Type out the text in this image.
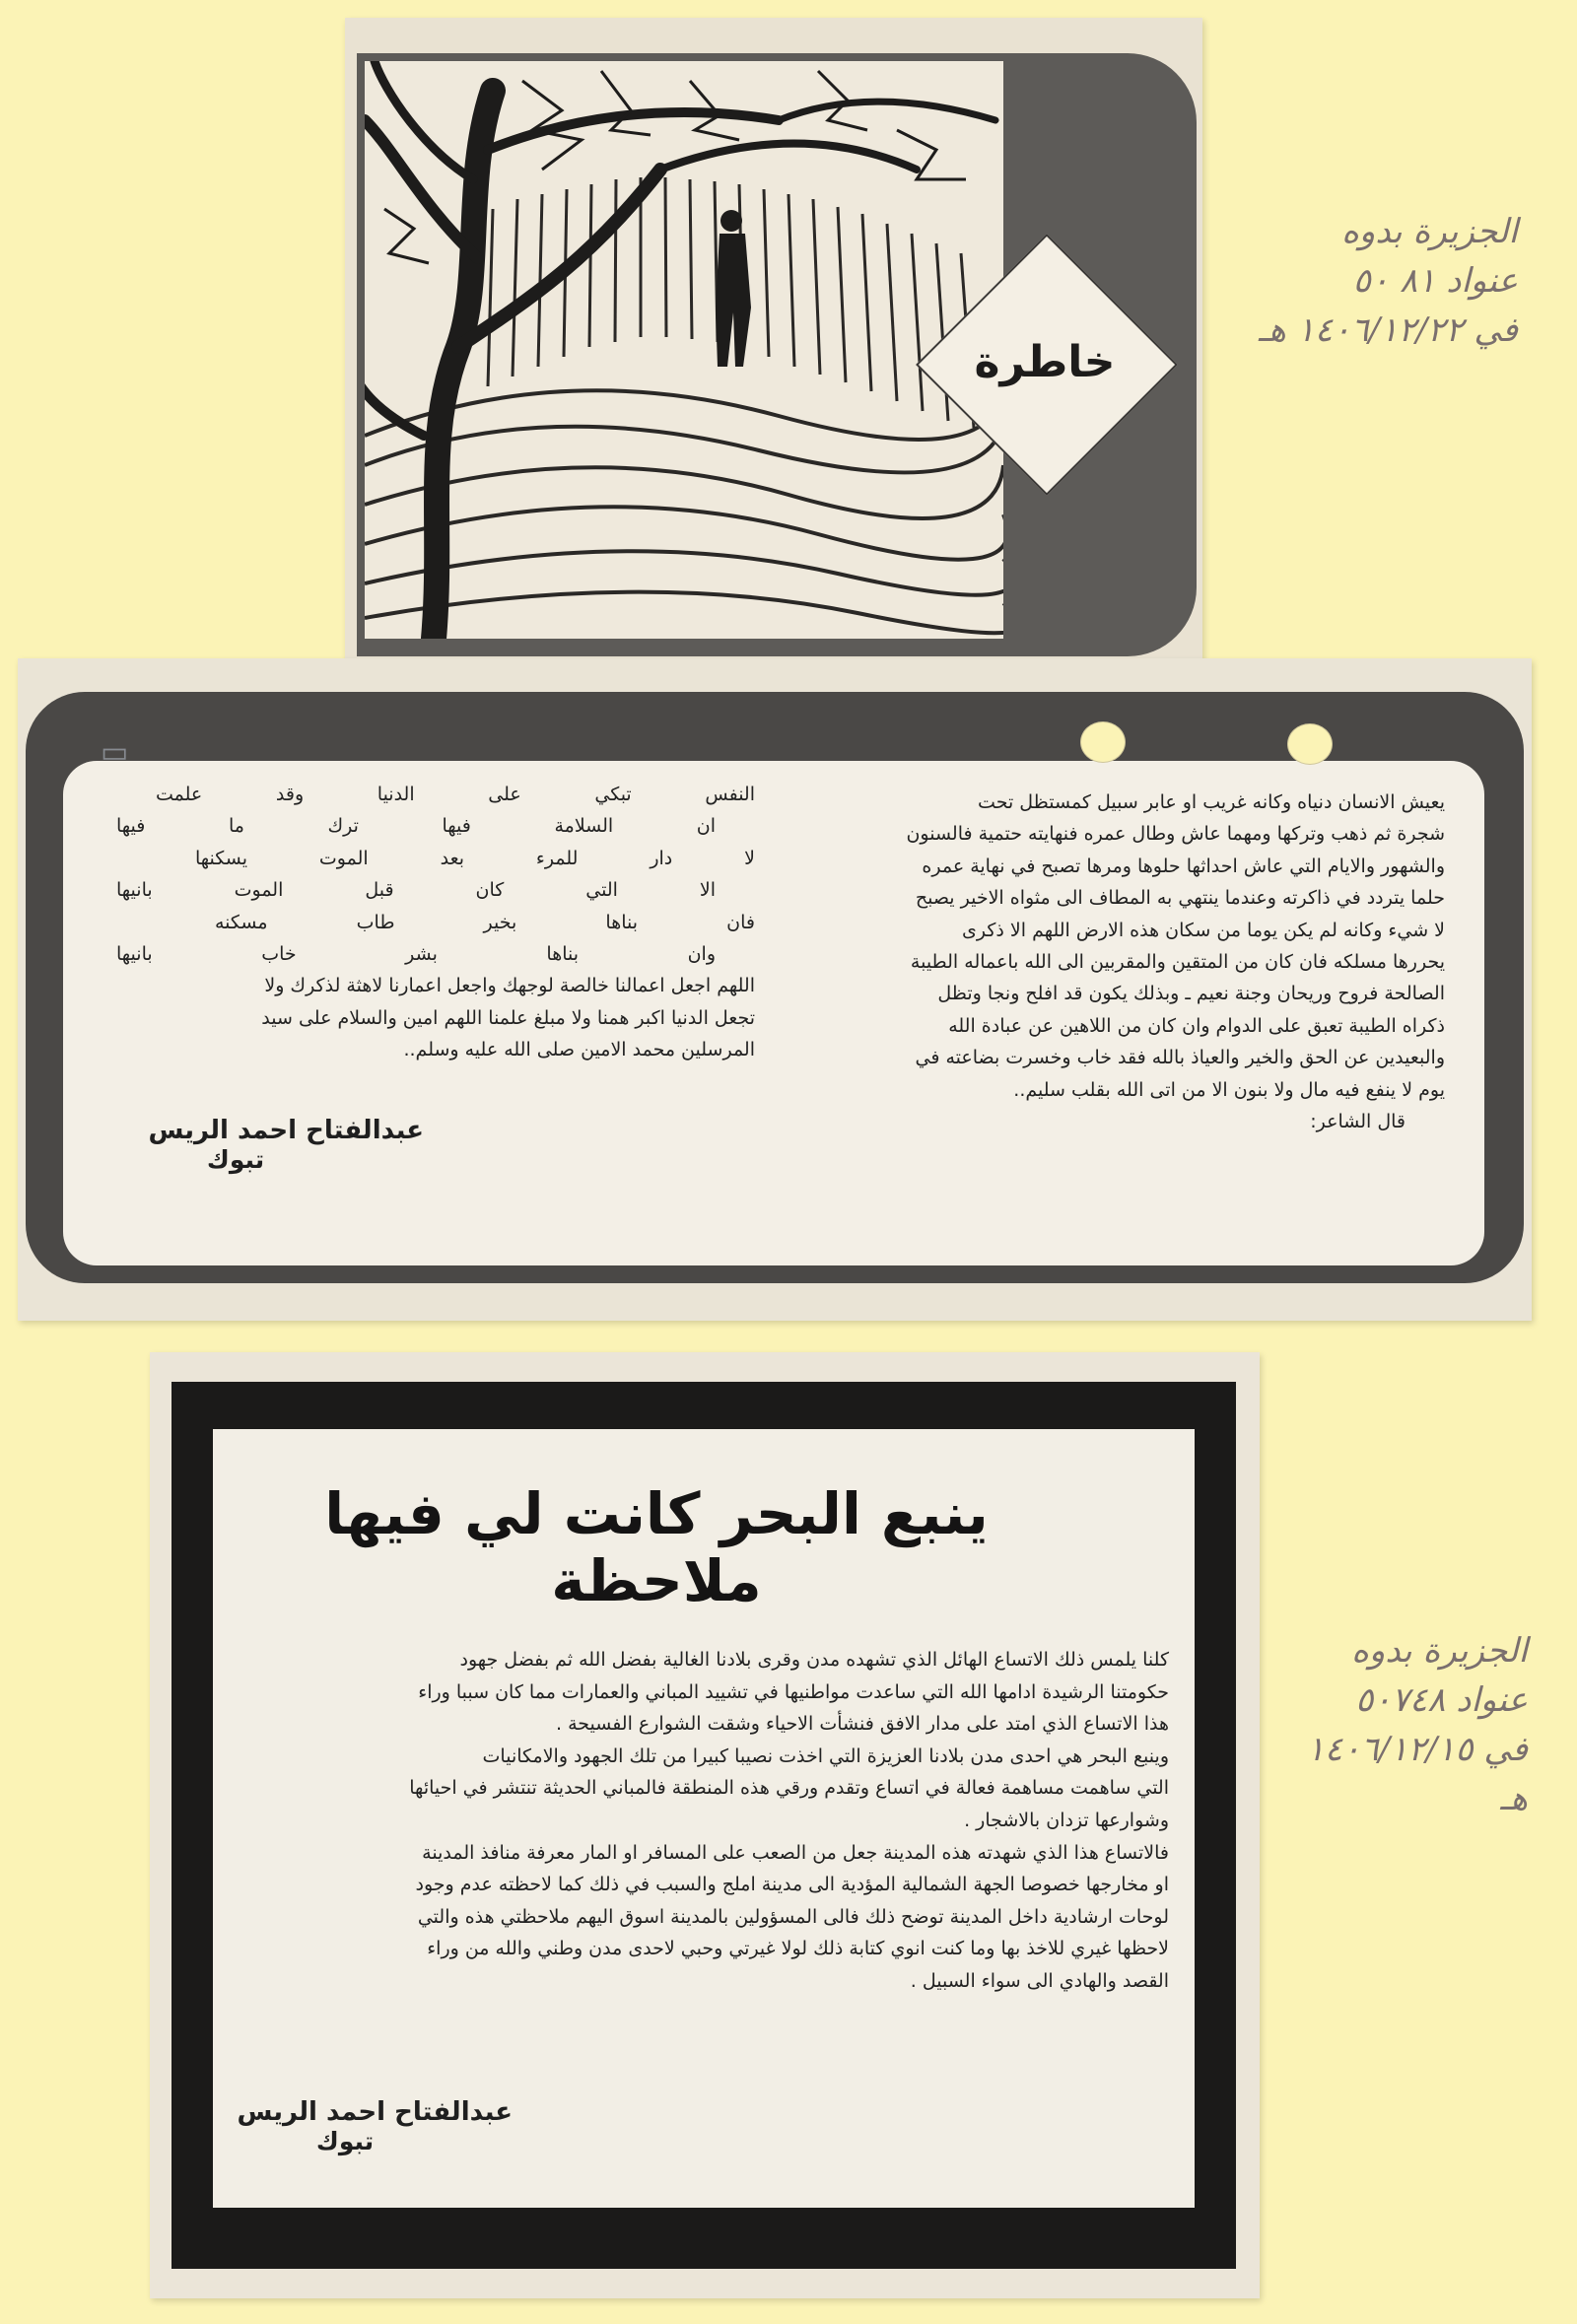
خاطرة
الجزيرة بدوه
عنواد ٨١ ٥٠
في ١٤٠٦/١٢/٢٢ هـ
▭
يعيش الانسان دنياه وكانه غريب او عابر سبيل كمستظل تحت
شجرة ثم ذهب وتركها ومهما عاش وطال عمره فنهايته حتمية فالسنون
والشهور والايام التي عاش احداثها حلوها ومرها تصبح في نهاية عمره
حلما يتردد في ذاكرته وعندما ينتهي به المطاف الى مثواه الاخير يصبح
لا شيء وكانه لم يكن يوما من سكان هذه الارض اللهم الا ذكرى
يحررها مسلكه فان كان من المتقين والمقربين الى الله باعماله الطيبة
الصالحة فروح وريحان وجنة نعيم ـ وبذلك يكون قد افلح ونجا وتظل
ذكراه الطيبة تعبق على الدوام وان كان من اللاهين عن عبادة الله
والبعيدين عن الحق والخير والعياذ بالله فقد خاب وخسرت بضاعته في
يوم لا ينفع فيه مال ولا بنون الا من اتى الله بقلب سليم..
قال الشاعر:
النفس تبكي على الدنيا وقد علمت
ان السلامة فيها ترك ما فيها
لا دار للمرء بعد الموت يسكنها
الا التي كان قبل الموت بانيها
فان بناها بخير طاب مسكنه
وان بناها بشر خاب بانيها
اللهم اجعل اعمالنا خالصة لوجهك واجعل اعمارنا لاهثة لذكرك ولا
تجعل الدنيا اكبر همنا ولا مبلغ علمنا اللهم امين والسلام على سيد
المرسلين محمد الامين صلى الله عليه وسلم..
عبدالفتاح احمد الريس
تبوك
الجزيرة بدوه
عنواد ٥٠٧٤٨
في ١٤٠٦/١٢/١٥ هـ
ينبع البحر كانت لي فيها ملاحظة
كلنا يلمس ذلك الاتساع الهائل الذي تشهده مدن وقرى بلادنا الغالية بفضل الله ثم بفضل جهود
حكومتنا الرشيدة ادامها الله التي ساعدت مواطنيها في تشييد المباني والعمارات مما كان سببا وراء
هذا الاتساع الذي امتد على مدار الافق فنشأت الاحياء وشقت الشوارع الفسيحة .
وينبع البحر هي احدى مدن بلادنا العزيزة التي اخذت نصيبا كبيرا من تلك الجهود والامكانيات
التي ساهمت مساهمة فعالة في اتساع وتقدم ورقي هذه المنطقة فالمباني الحديثة تنتشر في احيائها
وشوارعها تزدان بالاشجار .
فالاتساع هذا الذي شهدته هذه المدينة جعل من الصعب على المسافر او المار معرفة منافذ المدينة
او مخارجها خصوصا الجهة الشمالية المؤدية الى مدينة املج والسبب في ذلك كما لاحظته عدم وجود
لوحات ارشادية داخل المدينة توضح ذلك فالى المسؤولين بالمدينة اسوق اليهم ملاحظتي هذه والتي
لاحظها غيري للاخذ بها وما كنت انوي كتابة ذلك لولا غيرتي وحبي لاحدى مدن وطني والله من وراء
القصد والهادي الى سواء السبيل .
عبدالفتاح احمد الريس
تبوك
